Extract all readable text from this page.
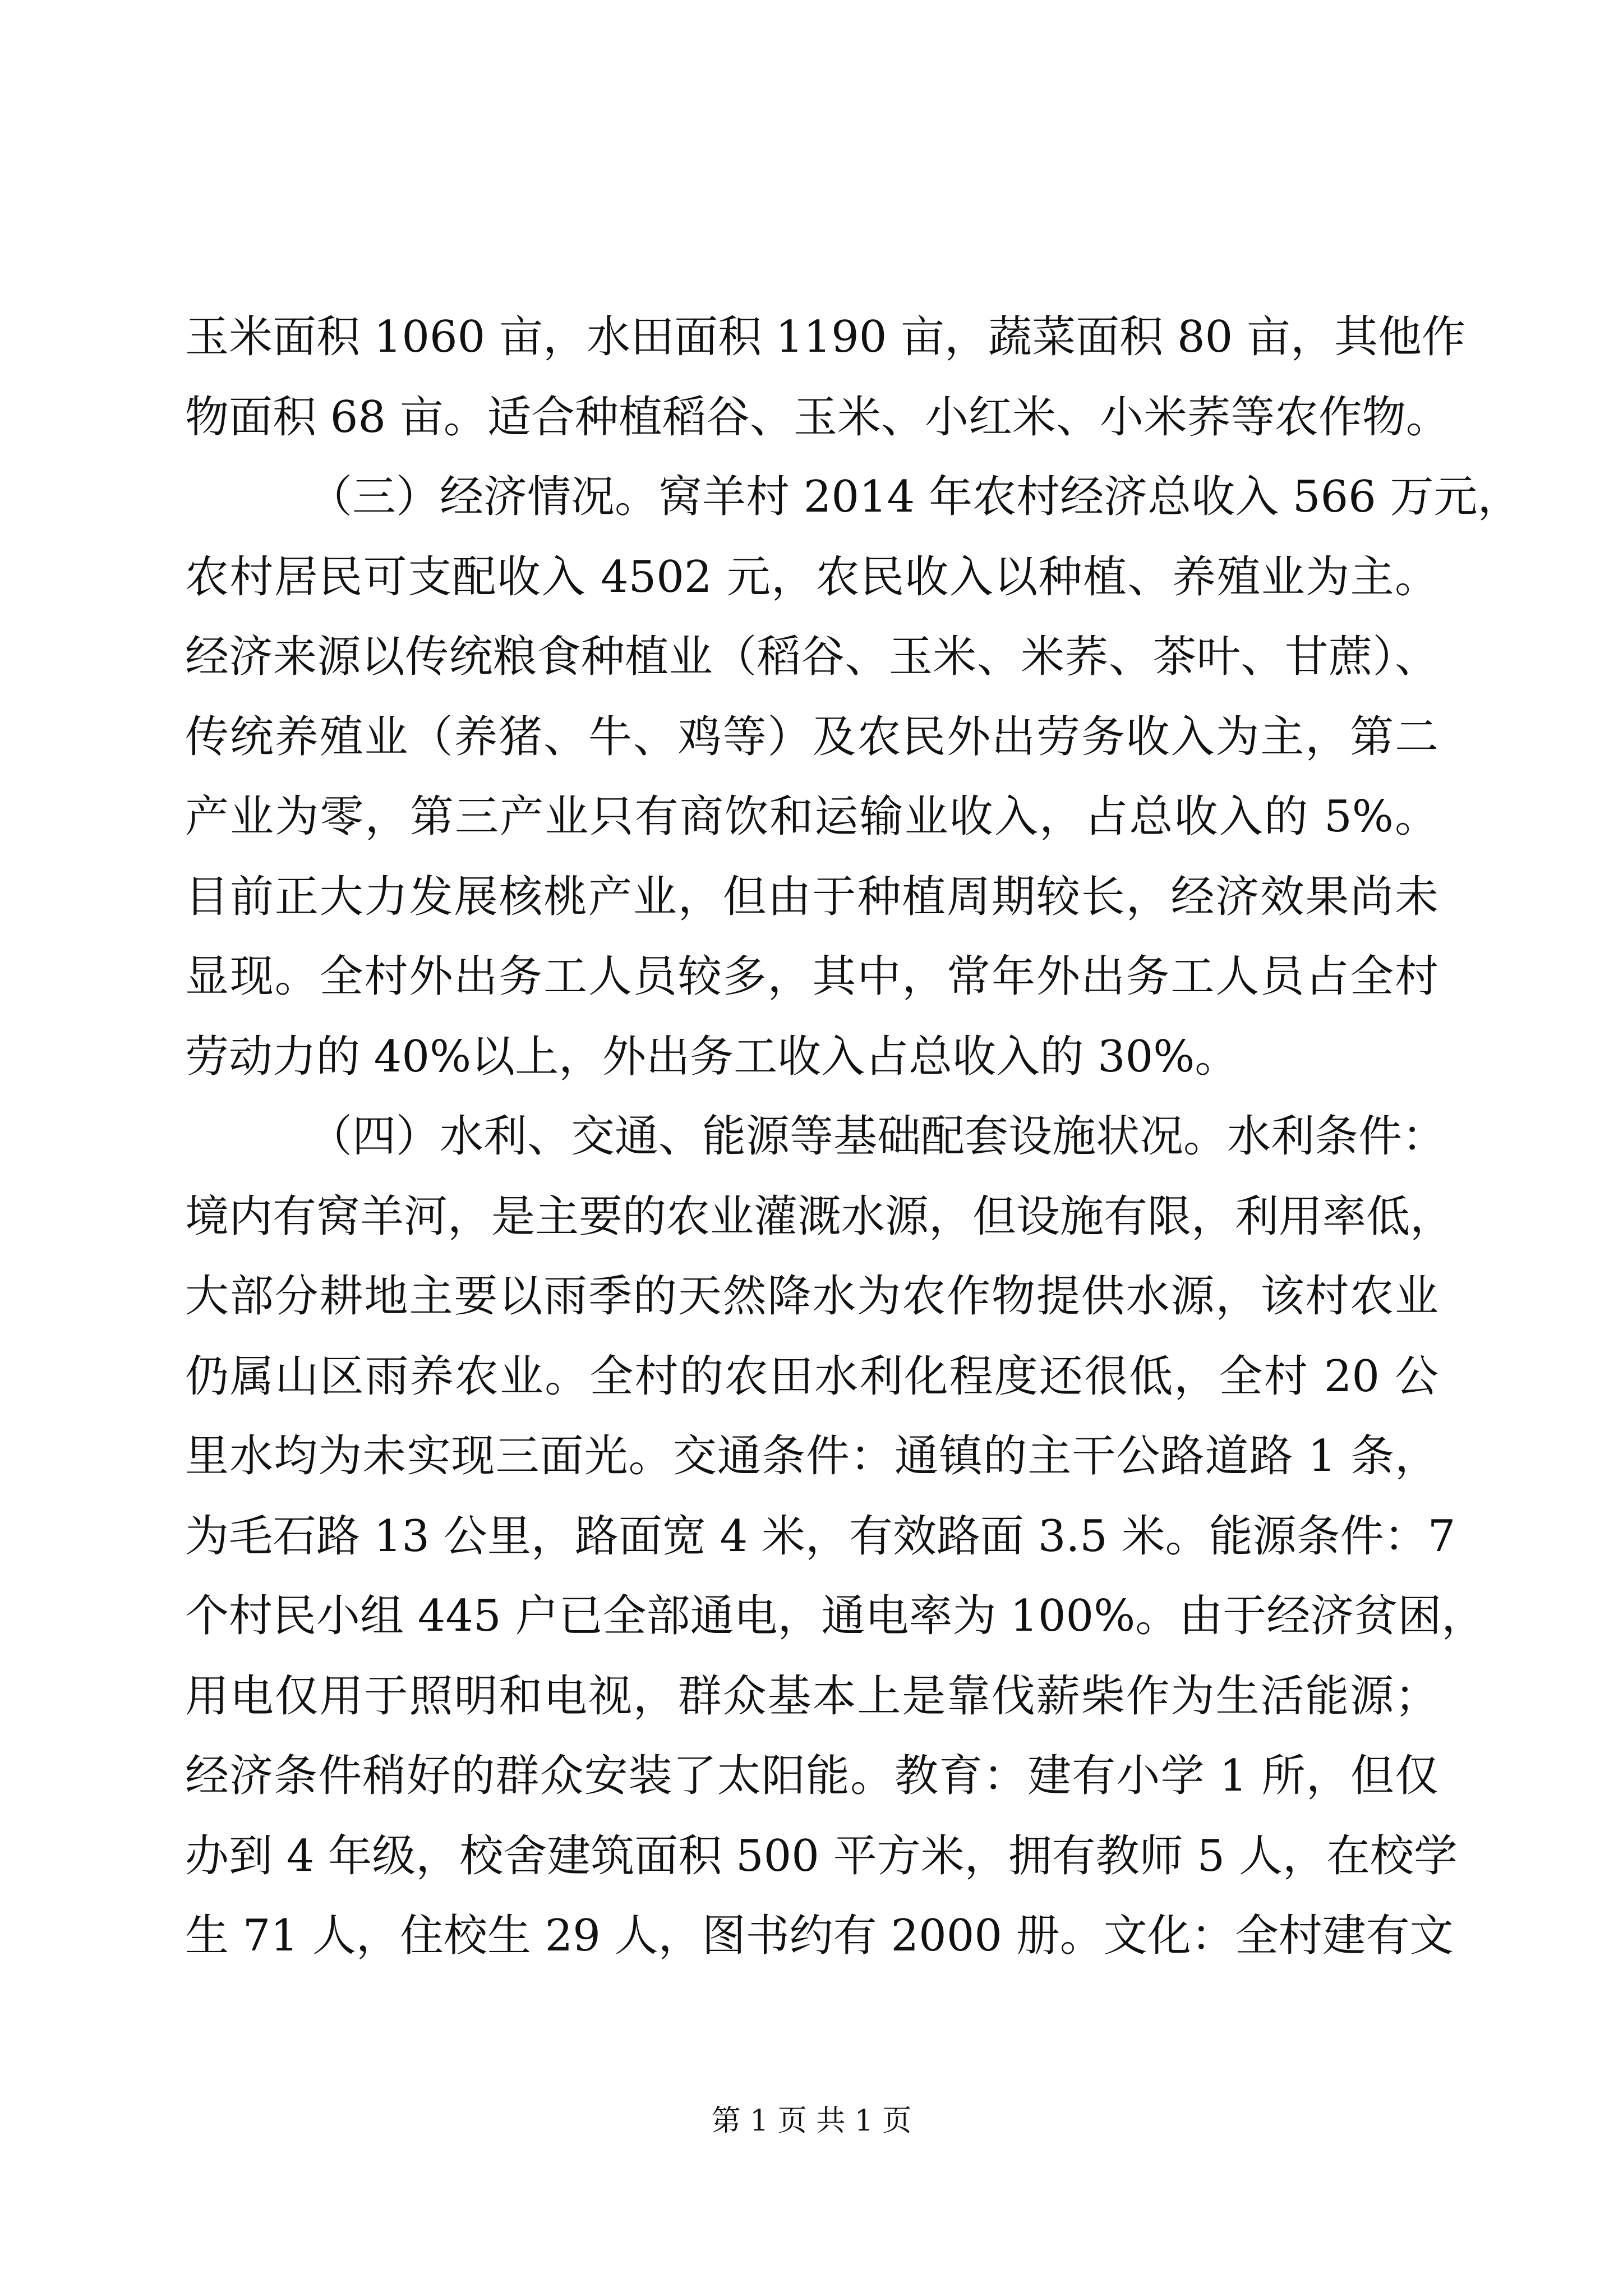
玉米面积 1060 亩，水田面积 1190 亩，蔬菜面积 80 亩，其他作
物面积 68 亩。适合种植稻谷、玉米、小红米、小米荞等农作物。
（三）经济情况。窝羊村 2014 年农村经济总收入 566 万元，
农村居民可支配收入 4502 元，农民收入以种植、养殖业为主。
经济来源以传统粮食种植业（稻谷、玉米、米荞、茶叶、甘蔗）、
传统养殖业（养猪、牛、鸡等）及农民外出劳务收入为主，第二
产业为零，第三产业只有商饮和运输业收入，占总收入的 5%。
目前正大力发展核桃产业，但由于种植周期较长，经济效果尚未
显现。全村外出务工人员较多，其中，常年外出务工人员占全村
劳动力的 40%以上，外出务工收入占总收入的 30%。
（四）水利、交通、能源等基础配套设施状况。水利条件：
境内有窝羊河，是主要的农业灌溉水源，但设施有限，利用率低，
大部分耕地主要以雨季的天然降水为农作物提供水源，该村农业
仍属山区雨养农业。全村的农田水利化程度还很低，全村 20 公
里水均为未实现三面光。交通条件：通镇的主干公路道路 1 条，
为毛石路 13 公里，路面宽 4 米，有效路面 3.5 米。能源条件：7
个村民小组 445 户已全部通电，通电率为 100%。由于经济贫困，
用电仅用于照明和电视，群众基本上是靠伐薪柴作为生活能源；
经济条件稍好的群众安装了太阳能。教育：建有小学 1 所，但仅
办到 4 年级，校舍建筑面积 500 平方米，拥有教师 5 人，在校学
生 71 人，住校生 29 人，图书约有 2000 册。文化：全村建有文
第 1 页 共 1 页
